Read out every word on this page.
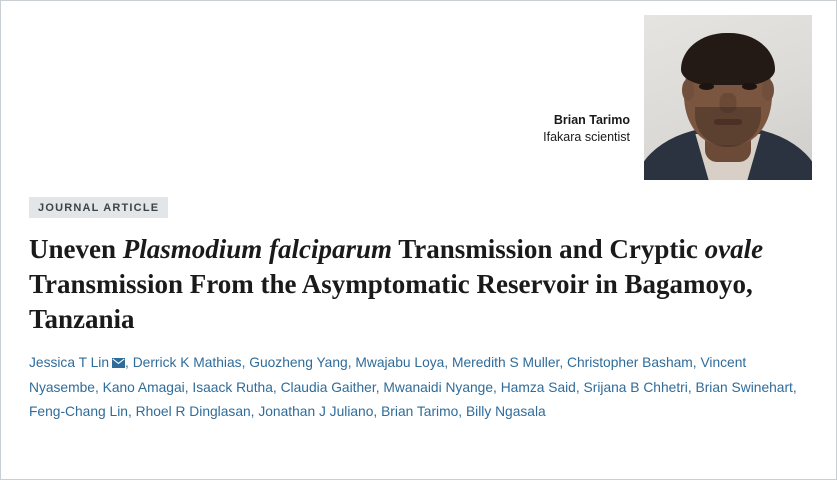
Brian Tarimo
Ifakara scientist
JOURNAL ARTICLE
Uneven Plasmodium falciparum Transmission and Cryptic ovale Transmission From the Asymptomatic Reservoir in Bagamoyo, Tanzania
Jessica T Lin , Derrick K Mathias, Guozheng Yang, Mwajabu Loya, Meredith S Muller, Christopher Basham, Vincent Nyasembe, Kano Amagai, Isaack Rutha, Claudia Gaither, Mwanaidi Nyange, Hamza Said, Srijana B Chhetri, Brian Swinehart, Feng-Chang Lin, Rhoel R Dinglasan, Jonathan J Juliano, Brian Tarimo, Billy Ngasala
